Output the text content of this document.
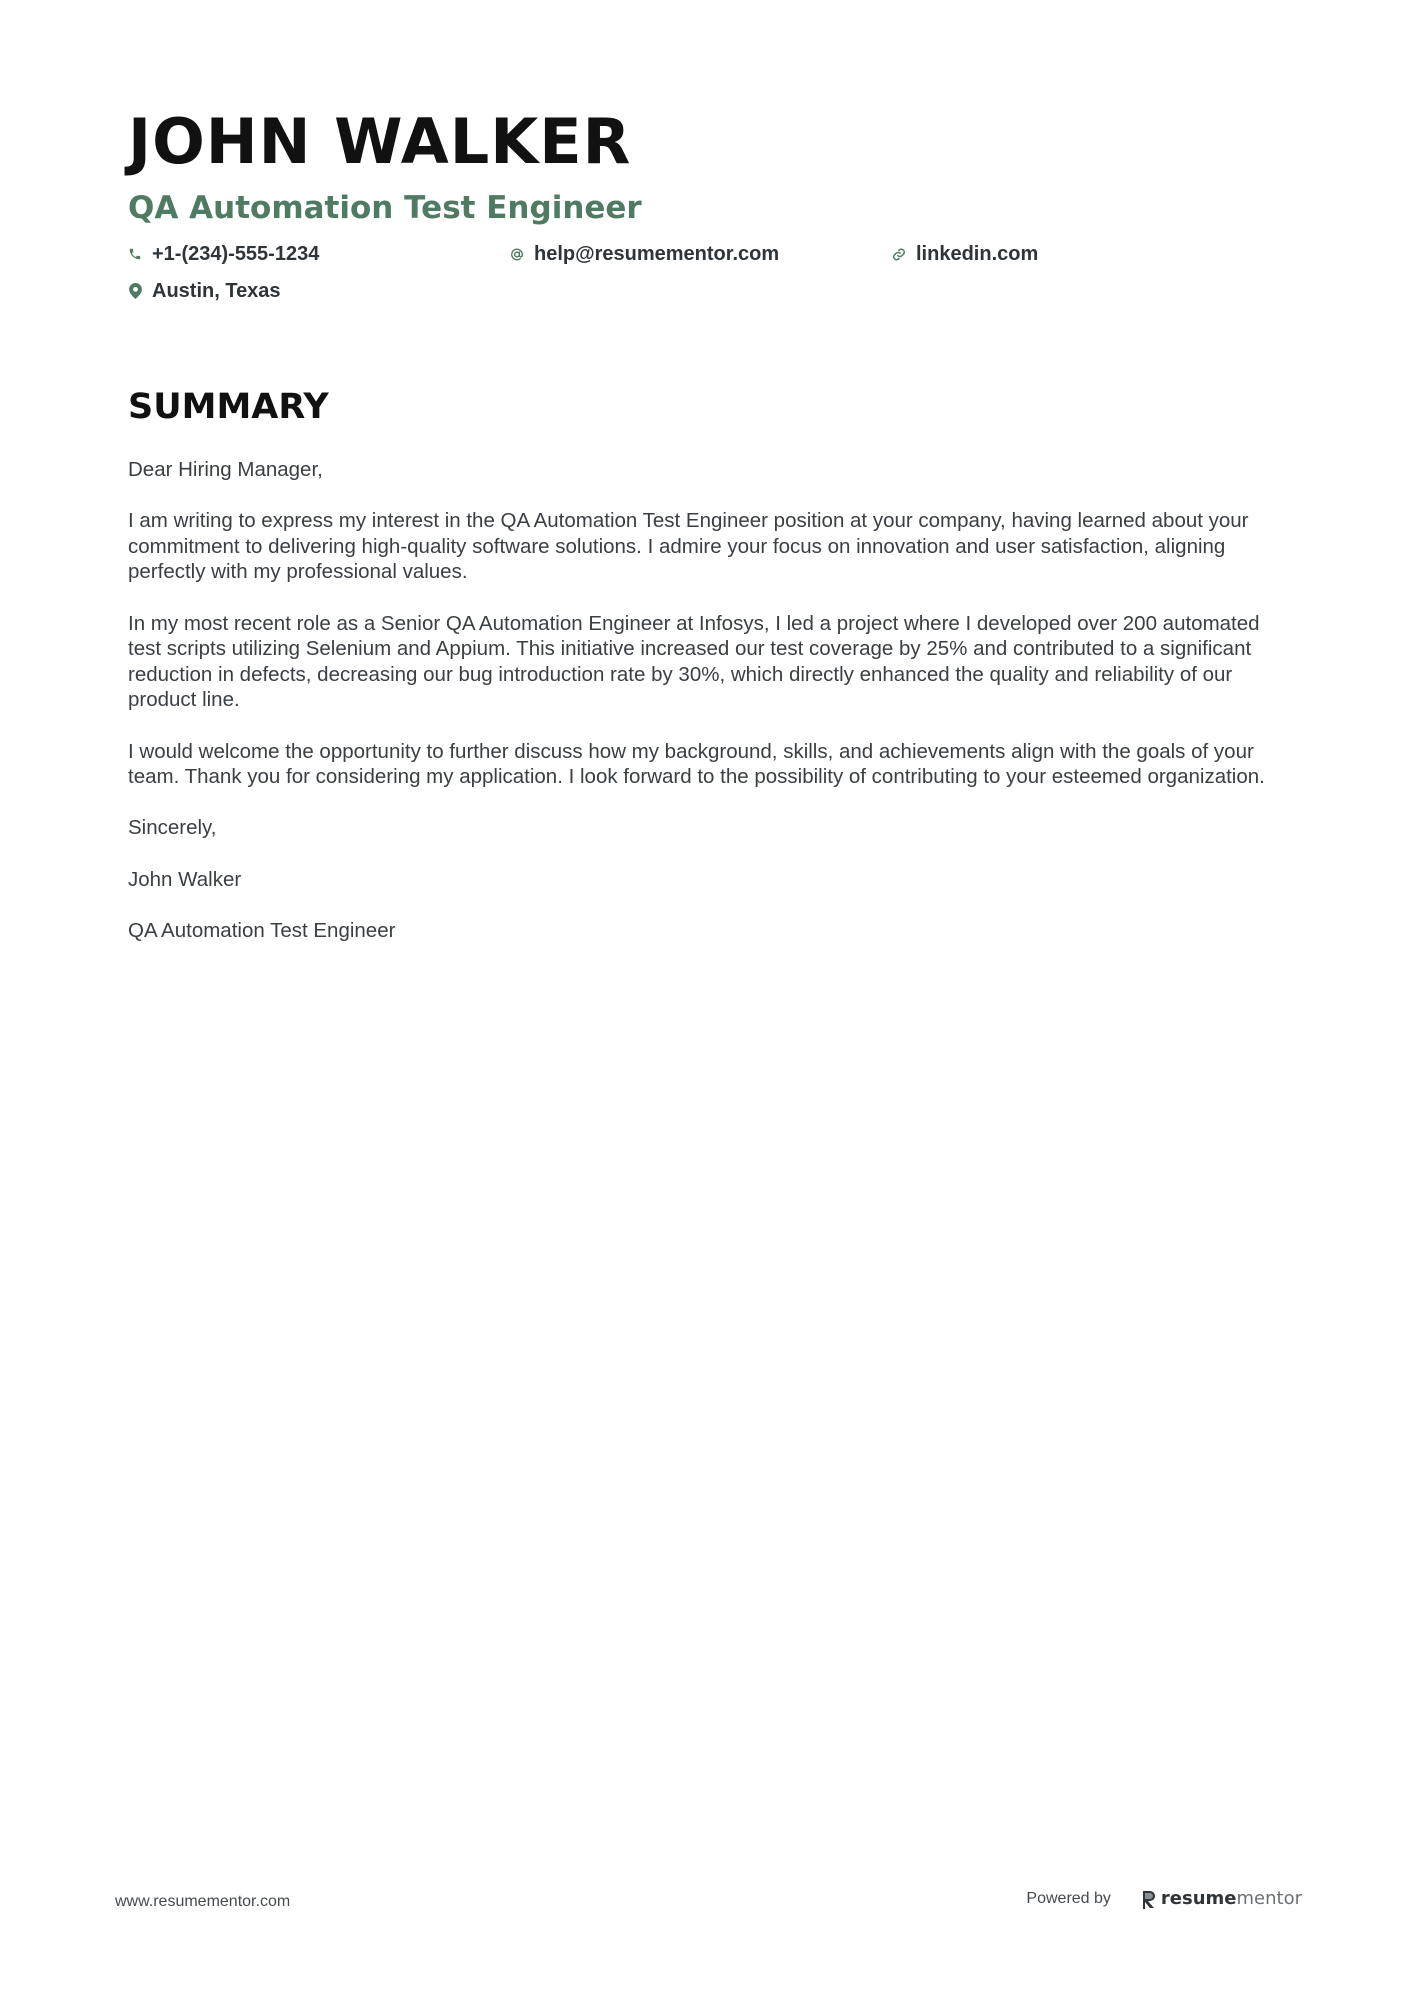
JOHN WALKER
QA Automation Test Engineer
+1-(234)-555-1234	help@resumementor.com	linkedin.com
Austin, Texas
SUMMARY

Dear Hiring Manager,

I am writing to express my interest in the QA Automation Test Engineer position at your company, having learned about your commitment to delivering high-quality software solutions. I admire your focus on innovation and user satisfaction, aligning perfectly with my professional values.

In my most recent role as a Senior QA Automation Engineer at Infosys, I led a project where I developed over 200 automated test scripts utilizing Selenium and Appium. This initiative increased our test coverage by 25% and contributed to a significant reduction in defects, decreasing our bug introduction rate by 30%, which directly enhanced the quality and reliability of our product line.

I would welcome the opportunity to further discuss how my background, skills, and achievements align with the goals of your team. Thank you for considering my application. I look forward to the possibility of contributing to your esteemed organization.

Sincerely,

John Walker

QA Automation Test Engineer

www.resumementor.com	Powered by	resume mentor
